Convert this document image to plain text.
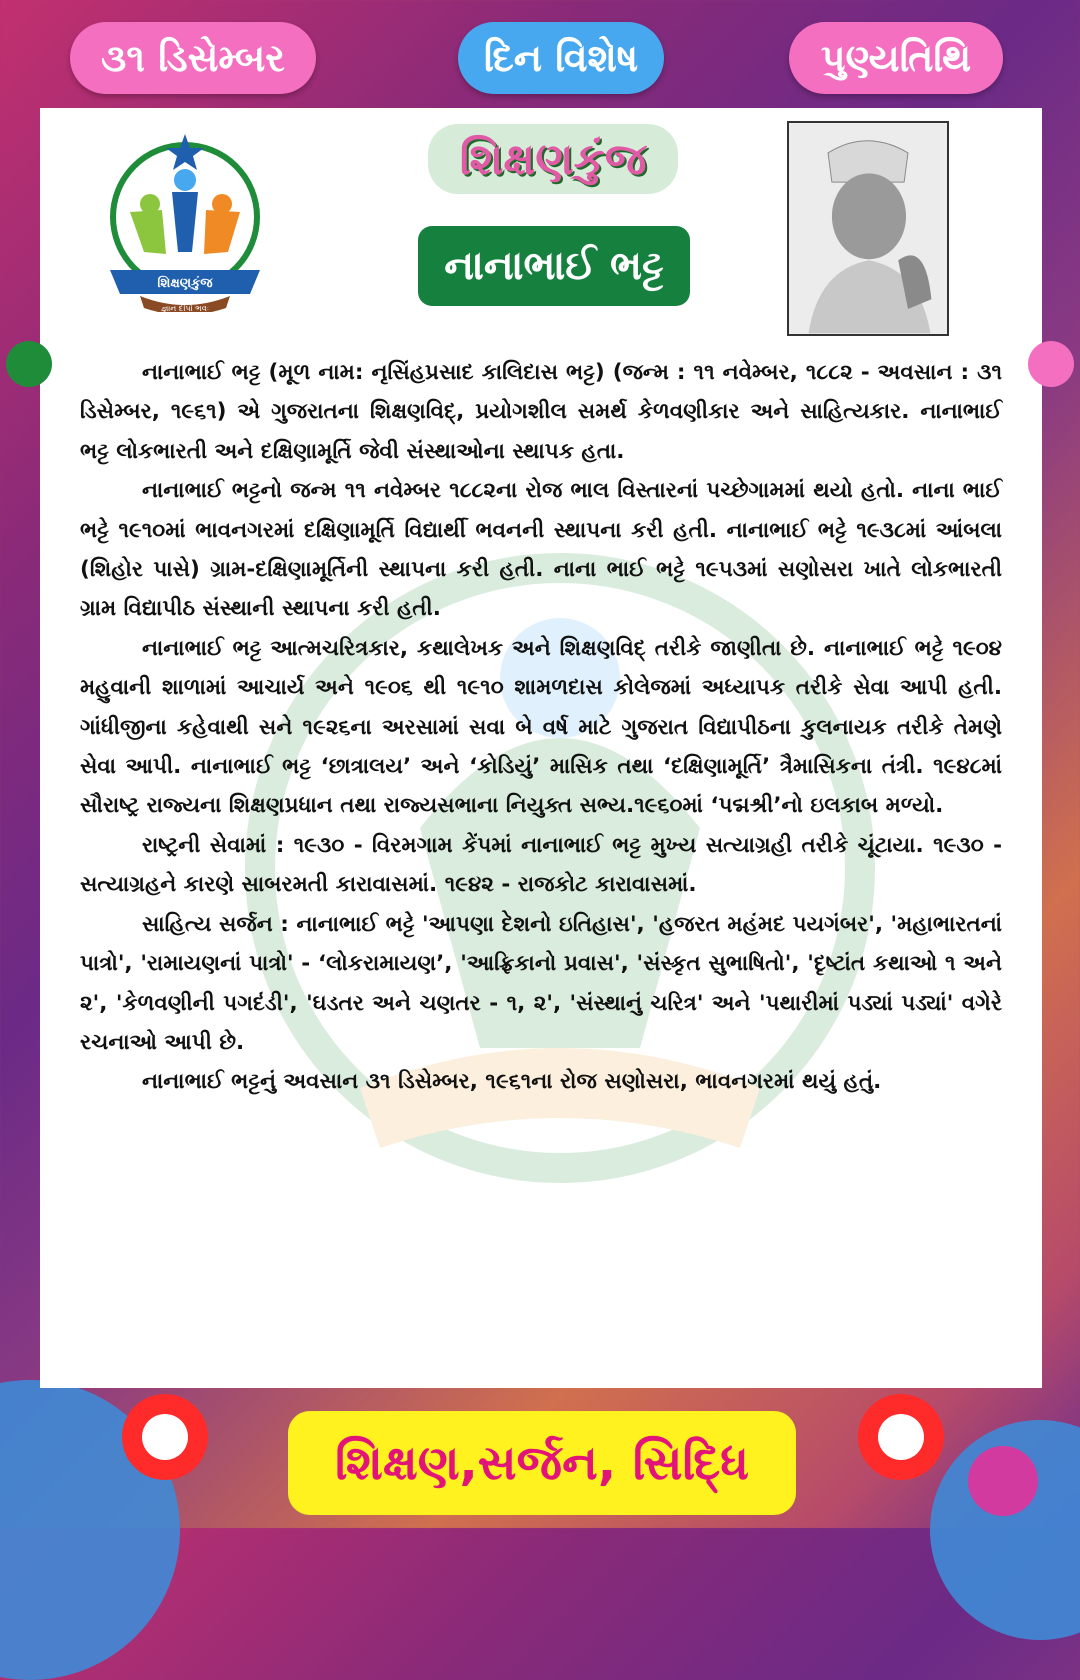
૩૧ ડિસેમ્બર	દિન વિશેષ	પુણ્યતિથિ
શિક્ષણકુંજ
જ્ઞાન દીપો ભવઃ
શિક્ષણકુંજ
નાનાભાઈ ભટ્ટ

નાનાભાઈ ભટ્ટ (મૂળ નામ: નૃસિંહપ્રસાદ કાલિદાસ ભટ્ટ) (જન્મ : ૧૧ નવેમ્બર, ૧૮૮૨ - અવસાન : ૩૧ ડિસેમ્બર, ૧૯૬૧) એ ગુજરાતના શિક્ષણવિદ્, પ્રયોગશીલ સમર્થ કેળવણીકાર અને સાહિત્યકાર. નાનાભાઈ ભટ્ટ લોકભારતી અને દક્ષિણામૂર્તિ જેવી સંસ્થાઓના સ્થાપક હતા.

નાનાભાઈ ભટ્ટનો જન્મ ૧૧ નવેમ્બર ૧૮૮૨ના રોજ ભાલ વિસ્તારનાં પચ્છેગામમાં થયો હતો. નાના ભાઈ ભટ્ટે ૧૯૧૦માં ભાવનગરમાં દક્ષિણામૂર્તિ વિદ્યાર્થી ભવનની સ્થાપના કરી હતી. નાનાભાઈ ભટ્ટે ૧૯૩૮માં આંબલા (શિહોર પાસે) ગ્રામ-દક્ષિણામૂર્તિની સ્થાપના કરી હતી. નાના ભાઈ ભટ્ટે ૧૯૫૩માં સણોસરા ખાતે લોકભારતી ગ્રામ વિદ્યાપીઠ સંસ્થાની સ્થાપના કરી હતી.

નાનાભાઈ ભટ્ટ આત્મચરિત્રકાર, કથાલેખક અને શિક્ષણવિદ્ તરીકે જાણીતા છે. નાનાભાઈ ભટ્ટે ૧૯૦૪ મહુવાની શાળામાં આચાર્ય અને ૧૯૦૬ થી ૧૯૧૦ શામળદાસ કોલેજમાં અધ્યાપક તરીકે સેવા આપી હતી. ગાંધીજીના કહેવાથી સને ૧૯૨૬ના અરસામાં સવા બે વર્ષ માટે ગુજરાત વિદ્યાપીઠના કુલનાયક તરીકે તેમણે સેવા આપી. નાનાભાઈ ભટ્ટ ‘છાત્રાલય’ અને ‘કોડિયું’ માસિક તથા ‘દક્ષિણામૂર્તિ’ ત્રૈમાસિકના તંત્રી. ૧૯૪૮માં સૌરાષ્ટ્ર રાજ્યના શિક્ષણપ્રધાન તથા રાજ્યસભાના નિયુક્ત સભ્ય.૧૯૬૦માં ‘પદ્મશ્રી’નો ઇલકાબ મળ્યો.

રાષ્ટ્રની સેવામાં : ૧૯૩૦ - વિરમગામ કેંપમાં નાનાભાઈ ભટ્ટ મુખ્ય સત્યાગ્રહી તરીકે ચૂંટાયા. ૧૯૩૦ - સત્યાગ્રહને કારણે સાબરમતી કારાવાસમાં. ૧૯૪૨ - રાજકોટ કારાવાસમાં.

સાહિત્ય સર્જન : નાનાભાઈ ભટ્ટે 'આપણા દેશનો ઇતિહાસ', 'હજરત મહંમદ પયગંબર', 'મહાભારતનાં પાત્રો', 'રામાયણનાં પાત્રો' - ‘લોકરામાયણ’, 'આફ્રિકાનો પ્રવાસ', 'સંસ્કૃત સુભાષિતો', 'દૃષ્ટાંત કથાઓ ૧ અને ૨', 'કેળવણીની પગદંડી', 'ઘડતર અને ચણતર - ૧, ૨', 'સંસ્થાનું ચરિત્ર' અને 'પથારીમાં પડ્યાં પડ્યાં' વગેરે રચનાઓ આપી છે.

નાનાભાઈ ભટ્ટનું અવસાન ૩૧ ડિસેમ્બર, ૧૯૬૧ના રોજ સણોસરા, ભાવનગરમાં થયું હતું.

શિક્ષણ,સર્જન, સિદ્ધિ
